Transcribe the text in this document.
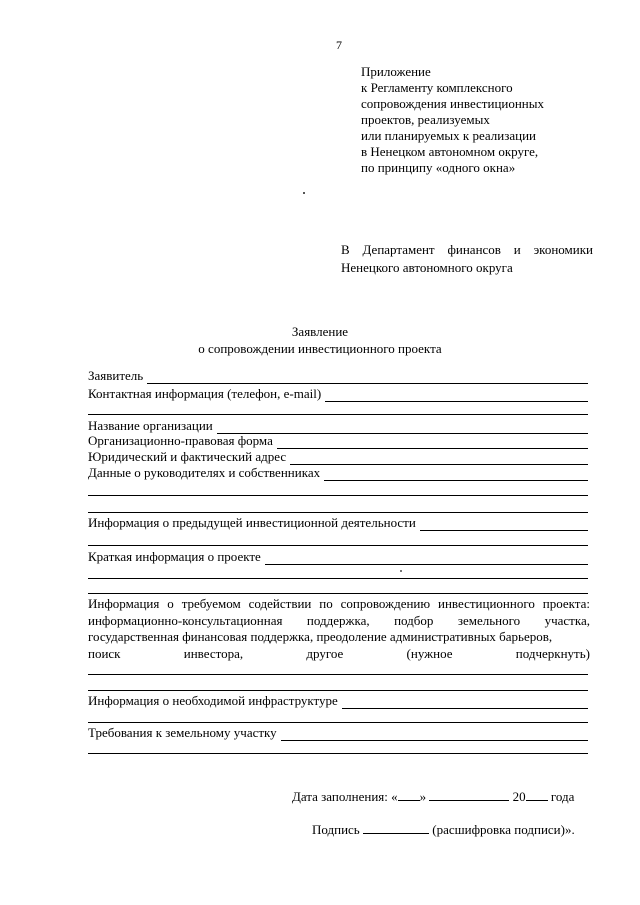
7
Приложение
к Регламенту комплексного
сопровождения инвестиционных
проектов, реализуемых
или планируемых к реализации
в Ненецком автономном округе,
по принципу «одного окна»
В Департамент финансов и экономики
Ненецкого автономного округа
Заявление
о сопровождении инвестиционного проекта
Заявитель
Контактная информация (телефон, e-mail)
Название организации
Организационно-правовая форма
Юридический и фактический адрес
Данные о руководителях и собственниках
Информация о предыдущей инвестиционной деятельности
Краткая информация о проекте
Информация о требуемом содействии по сопровождению инвестиционного проекта: информационно-консультационная поддержка, подбор земельного участка, государственная финансовая поддержка, преодоление административных барьеров,
поиск инвестора, другое (нужное подчеркнуть)
Информация о необходимой инфраструктуре
Требования к земельному участку
Дата заполнения: « »	20 года
Подпись	(расшифровка подписи)».
